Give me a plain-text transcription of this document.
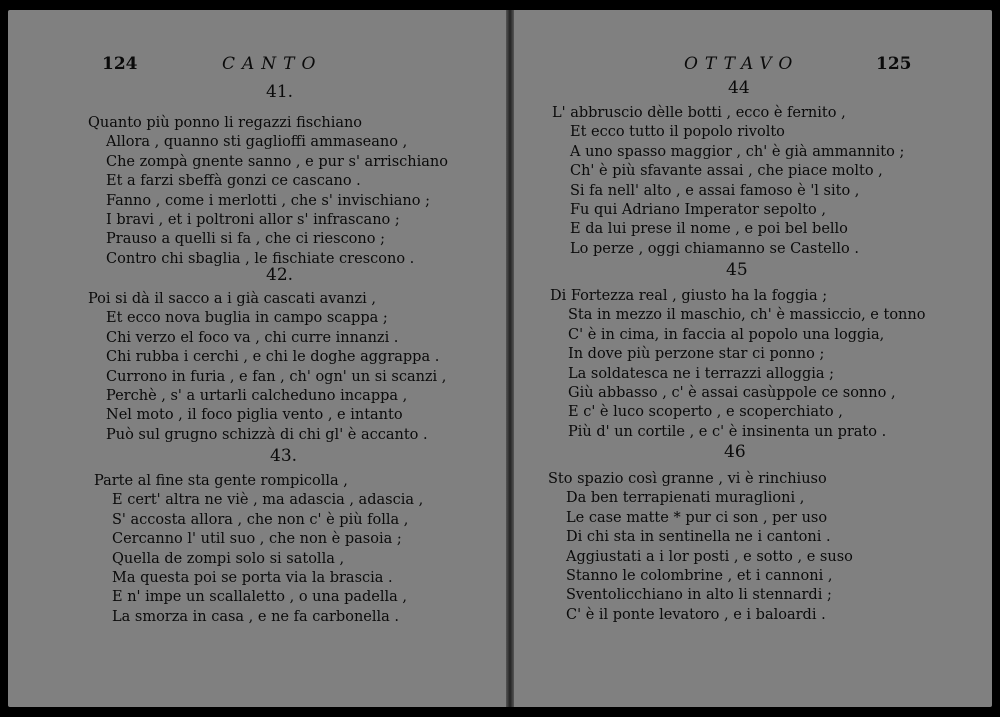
124	CANTO
41.
Quanto più ponno li regazzi fischiano
Allora , quanno sti gaglioffi ammaseano ,
Che zompà gnente sanno , e pur s' arrischiano
Et a farzi sbeffà gonzi ce cascano .
Fanno , come i merlotti , che s' invischiano ;
I bravi , et i poltroni allor s' infrascano ;
Prauso a quelli si fa , che ci riescono ;
Contro chi sbaglia , le fischiate crescono .
42.
Poi si dà il sacco a i già cascati avanzi ,
Et ecco nova buglia in campo scappa ;
Chi verzo el foco va , chi curre innanzi .
Chi rubba i cerchi , e chi le doghe aggrappa .
Currono in furia , e fan , ch' ogn' un si scanzi ,
Perchè , s' a urtarli calcheduno incappa ,
Nel moto , il foco piglia vento , e intanto
Può sul grugno schizzà di chi gl' è accanto .
43.
Parte al fine sta gente rompicolla ,
E cert' altra ne viè , ma adascia , adascia ,
S' accosta allora , che non c' è più folla ,
Cercanno l' util suo , che non è pasoia ;
Quella de zompi solo si satolla ,
Ma questa poi se porta via la brascia .
E n' impe un scallaletto , o una padella ,
La smorza in casa , e ne fa carbonella .
OTTAVO	125
44
L' abbruscio dèlle botti , ecco è fernito ,
Et ecco tutto il popolo rivolto
A uno spasso maggior , ch' è già ammannito ;
Ch' è più sfavante assai , che piace molto ,
Si fa nell' alto , e assai famoso è 'l sito ,
Fu qui Adriano Imperator sepolto ,
E da lui prese il nome , e poi bel bello
Lo perze , oggi chiamanno se Castello .
45
Di Fortezza real , giusto ha la foggia ;
Sta in mezzo il maschio, ch' è massiccio, e tonno
C' è in cima, in faccia al popolo una loggia,
In dove più perzone star ci ponno ;
La soldatesca ne i terrazzi alloggia ;
Giù abbasso , c' è assai casùppole ce sonno ,
E c' è luco scoperto , e scoperchiato ,
Più d' un cortile , e c' è insinenta un prato .
46
Sto spazio così granne , vi è rinchiuso
Da ben terrapienati muraglioni ,
Le case matte * pur ci son , per uso
Di chi sta in sentinella ne i cantoni .
Aggiustati a i lor posti , e sotto , e suso
Stanno le colombrine , et i cannoni ,
Sventolicchiano in alto li stennardi ;
C' è il ponte levatoro , e i baloardi .
